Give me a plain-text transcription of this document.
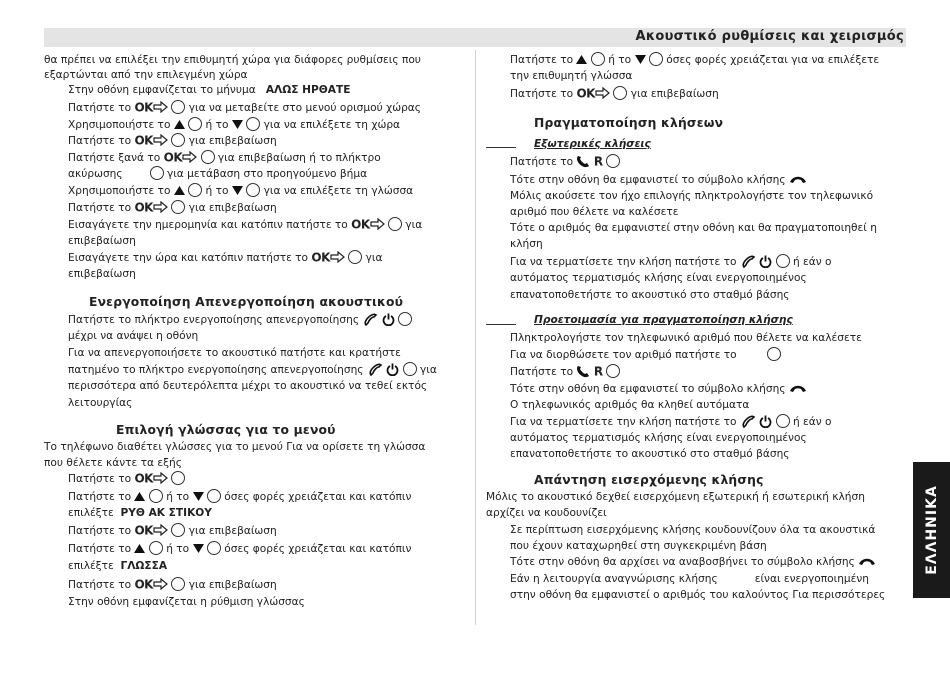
Ακουστικό ρυθμίσεις και χειρισμός
ΕΛΛΗΝΙΚΑ
θα πρέπει να επιλέξει την επιθυμητή χώρα για διάφορες ρυθμίσεις που
εξαρτώνται από την επιλεγμένη χώρα
Στην οθόνη εμφανίζεται το μήνυμα ΑΛΩΣ ΗΡΘΑΤΕ
Πατήστε το OK	για να μεταβείτε στο μενού ορισμού χώρας
Χρησιμοποιήστε το	ή το	για να επιλέξετε τη χώρα
Πατήστε το OK	για επιβεβαίωση
Πατήστε ξανά το OK	για επιβεβαίωση ή το πλήκτρο
ακύρωσης	για μετάβαση στο προηγούμενο βήμα
Χρησιμοποιήστε το	ή το	για να επιλέξετε τη γλώσσα
Πατήστε το OK	για επιβεβαίωση
Εισαγάγετε την ημερομηνία και κατόπιν πατήστε το OK	για
επιβεβαίωση
Εισαγάγετε την ώρα και κατόπιν πατήστε το OK	για
επιβεβαίωση
Ενεργοποίηση Απενεργοποίηση ακουστικού
Πατήστε το πλήκτρο ενεργοποίησης απενεργοποίησης
μέχρι να ανάψει η οθόνη
Για να απενεργοποιήσετε το ακουστικό πατήστε και κρατήστε
πατημένο το πλήκτρο ενεργοποίησης απενεργοποίησης	για
περισσότερα από δευτερόλεπτα μέχρι το ακουστικό να τεθεί εκτός
λειτουργίας
Επιλογή γλώσσας για το μενού
Το τηλέφωνο διαθέτει γλώσσες για το μενού Για να ορίσετε τη γλώσσα
που θέλετε κάντε τα εξής
Πατήστε το OK
Πατήστε το	ή το	όσες φορές χρειάζεται και κατόπιν
επιλέξτε ΡΥΘ ΑΚ ΣΤΙΚΟΥ
Πατήστε το OK	για επιβεβαίωση
Πατήστε το	ή το	όσες φορές χρειάζεται και κατόπιν
επιλέξτε ΓΛΩΣΣΑ
Πατήστε το OK	για επιβεβαίωση
Στην οθόνη εμφανίζεται η ρύθμιση γλώσσας
Πατήστε το	ή το	όσες φορές χρειάζεται για να επιλέξετε
την επιθυμητή γλώσσα
Πατήστε το OK	για επιβεβαίωση
Πραγματοποίηση κλήσεων
Εξωτερικές κλήσεις
Πατήστε το R
Τότε στην οθόνη θα εμφανιστεί το σύμβολο κλήσης
Μόλις ακούσετε τον ήχο επιλογής πληκτρολογήστε τον τηλεφωνικό
αριθμό που θέλετε να καλέσετε
Τότε ο αριθμός θα εμφανιστεί στην οθόνη και θα πραγματοποιηθεί η
κλήση
Για να τερματίσετε την κλήση πατήστε το	ή εάν ο
αυτόματος τερματισμός κλήσης είναι ενεργοποιημένος
επανατοποθετήστε το ακουστικό στο σταθμό βάσης
Προετοιμασία για πραγματοποίηση κλήσης
Πληκτρολογήστε τον τηλεφωνικό αριθμό που θέλετε να καλέσετε
Για να διορθώσετε τον αριθμό πατήστε το
Πατήστε το R
Τότε στην οθόνη θα εμφανιστεί το σύμβολο κλήσης
Ο τηλεφωνικός αριθμός θα κληθεί αυτόματα
Για να τερματίσετε την κλήση πατήστε το	ή εάν ο
αυτόματος τερματισμός κλήσης είναι ενεργοποιημένος
επανατοποθετήστε το ακουστικό στο σταθμό βάσης
Απάντηση εισερχόμενης κλήσης
Μόλις το ακουστικό δεχθεί εισερχόμενη εξωτερική ή εσωτερική κλήση
αρχίζει να κουδουνίζει
Σε περίπτωση εισερχόμενης κλήσης κουδουνίζουν όλα τα ακουστικά
που έχουν καταχωρηθεί στη συγκεκριμένη βάση
Τότε στην οθόνη θα αρχίσει να αναβοσβήνει το σύμβολο κλήσης
Εάν η λειτουργία αναγνώρισης κλήσης	είναι ενεργοποιημένη
στην οθόνη θα εμφανιστεί ο αριθμός του καλούντος Για περισσότερες
